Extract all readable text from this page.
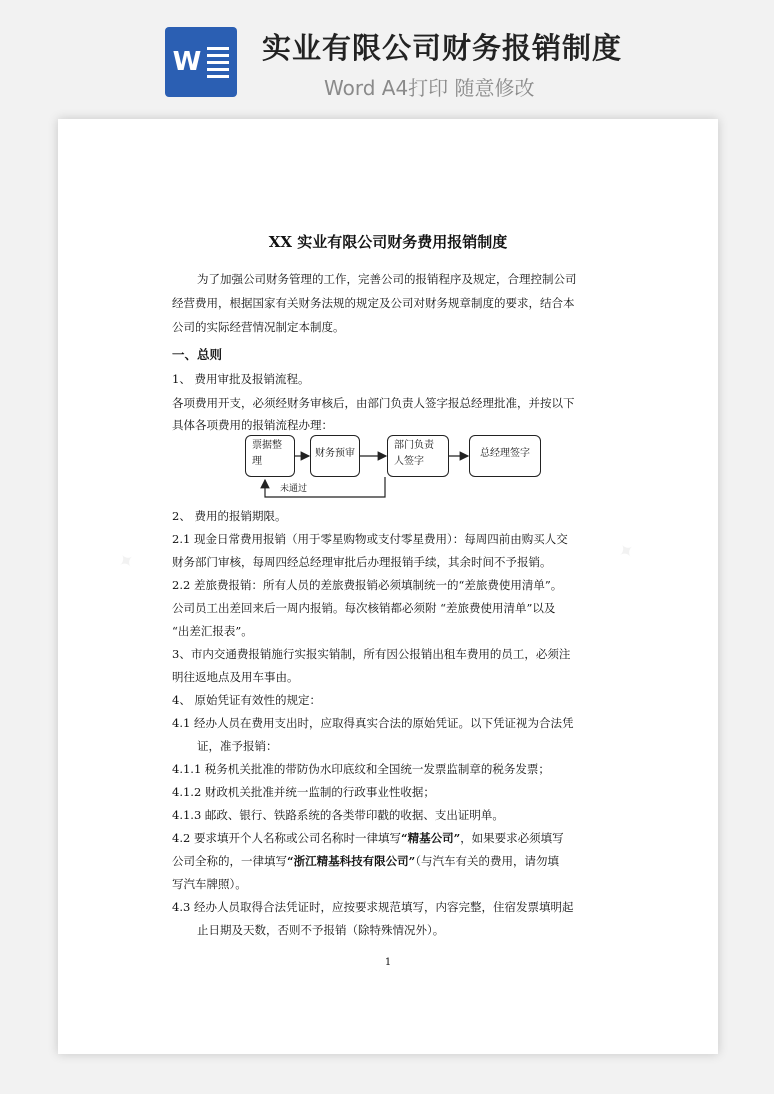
W 实业有限公司财务报销制度
Word A4打印 随意修改
✦	✦
XX 实业有限公司财务费用报销制度
为了加强公司财务管理的工作，完善公司的报销程序及规定，合理控制公司
经营费用，根据国家有关财务法规的规定及公司对财务规章制度的要求，结合本
公司的实际经营情况制定本制度。
一、总则
1、 费用审批及报销流程。
各项费用开支，必须经财务审核后，由部门负责人签字报总经理批准，并按以下
具体各项费用的报销流程办理：
票据整理
财务预审
部门负责人签字
总经理签字
未通过
2、 费用的报销期限。
2.1 现金日常费用报销（用于零星购物或支付零星费用）：每周四前由购买人交
财务部门审核，每周四经总经理审批后办理报销手续，其余时间不予报销。
2.2 差旅费报销：所有人员的差旅费报销必须填制统一的“差旅费使用清单”。
公司员工出差回来后一周内报销。每次核销都必须附 “差旅费使用清单”以及
“出差汇报表”。
3、市内交通费报销施行实报实销制，所有因公报销出租车费用的员工，必须注
明往返地点及用车事由。
4、 原始凭证有效性的规定：
4.1 经办人员在费用支出时，应取得真实合法的原始凭证。以下凭证视为合法凭
证，准予报销：
4.1.1 税务机关批准的带防伪水印底纹和全国统一发票监制章的税务发票；
4.1.2 财政机关批准并统一监制的行政事业性收据；
4.1.3 邮政、银行、铁路系统的各类带印戳的收据、支出证明单。
4.2 要求填开个人名称或公司名称时一律填写“精基公司”，如果要求必须填写
公司全称的，一律填写“浙江精基科技有限公司”（与汽车有关的费用，请勿填
写汽车牌照）。
4.3 经办人员取得合法凭证时，应按要求规范填写，内容完整，住宿发票填明起
止日期及天数，否则不予报销（除特殊情况外）。
1
